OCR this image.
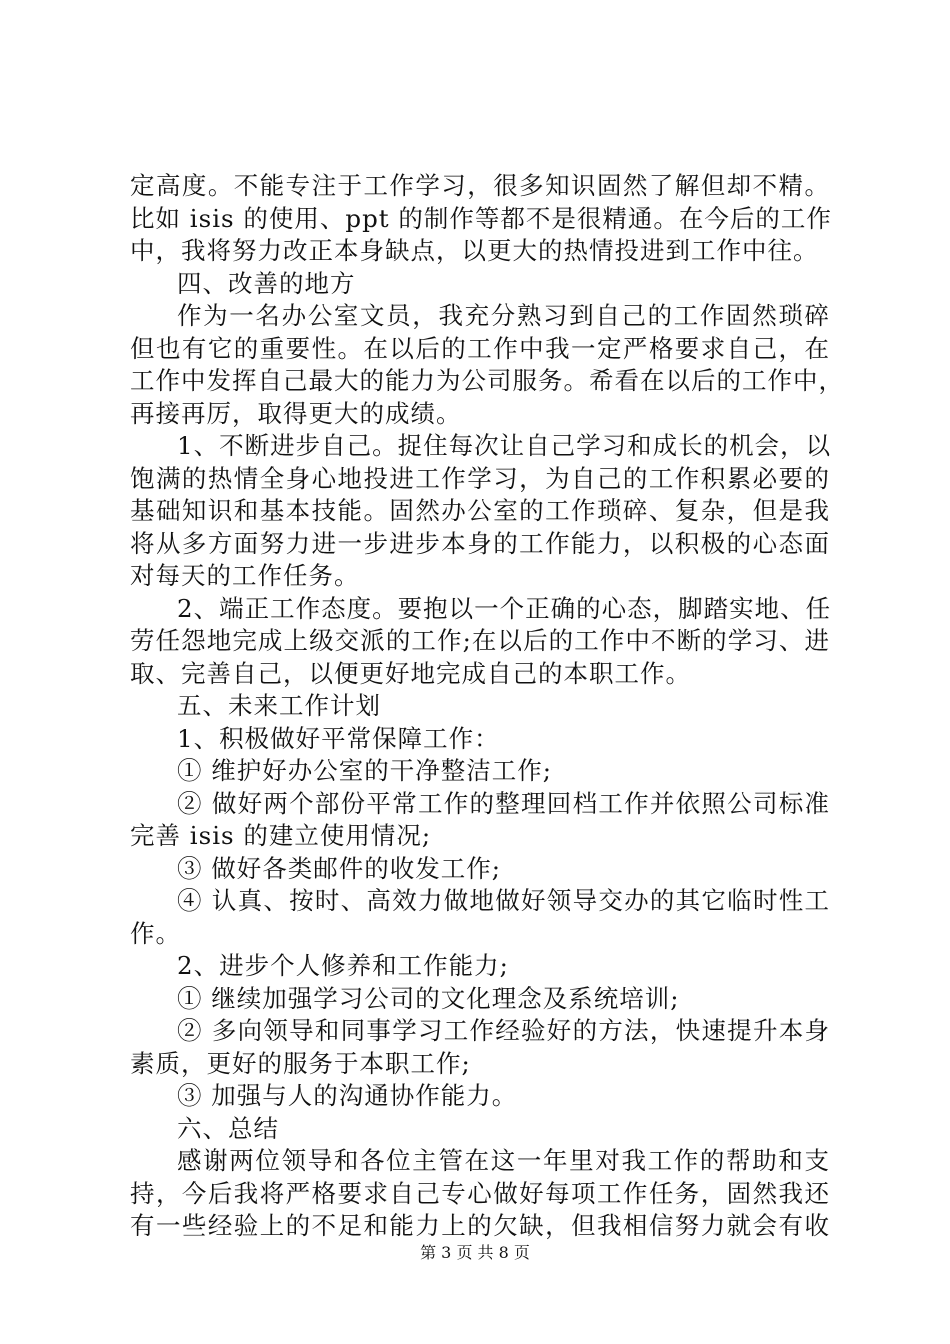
定高度。不能专注于工作学习，很多知识固然了解但却不精。
比如 isis 的使用、ppt 的制作等都不是很精通。在今后的工作
中，我将努力改正本身缺点，以更大的热情投进到工作中往。
四、改善的地方
作为一名办公室文员，我充分熟习到自己的工作固然琐碎
但也有它的重要性。在以后的工作中我一定严格要求自己，在
工作中发挥自己最大的能力为公司服务。希看在以后的工作中，
再接再厉，取得更大的成绩。
1、不断进步自己。捉住每次让自己学习和成长的机会，以
饱满的热情全身心地投进工作学习，为自己的工作积累必要的
基础知识和基本技能。固然办公室的工作琐碎、复杂，但是我
将从多方面努力进一步进步本身的工作能力，以积极的心态面
对每天的工作任务。
2、端正工作态度。要抱以一个正确的心态，脚踏实地、任
劳任怨地完成上级交派的工作;在以后的工作中不断的学习、进
取、完善自己，以便更好地完成自己的本职工作。
五、未来工作计划
1、积极做好平常保障工作：
① 维护好办公室的干净整洁工作;
② 做好两个部份平常工作的整理回档工作并依照公司标准
完善 isis 的建立使用情况;
③ 做好各类邮件的收发工作;
④ 认真、按时、高效力做地做好领导交办的其它临时性工
作。
2、进步个人修养和工作能力;
① 继续加强学习公司的文化理念及系统培训;
② 多向领导和同事学习工作经验好的方法，快速提升本身
素质，更好的服务于本职工作;
③ 加强与人的沟通协作能力。
六、总结
感谢两位领导和各位主管在这一年里对我工作的帮助和支
持，今后我将严格要求自己专心做好每项工作任务，固然我还
有一些经验上的不足和能力上的欠缺，但我相信努力就会有收
第 3 页 共 8 页
